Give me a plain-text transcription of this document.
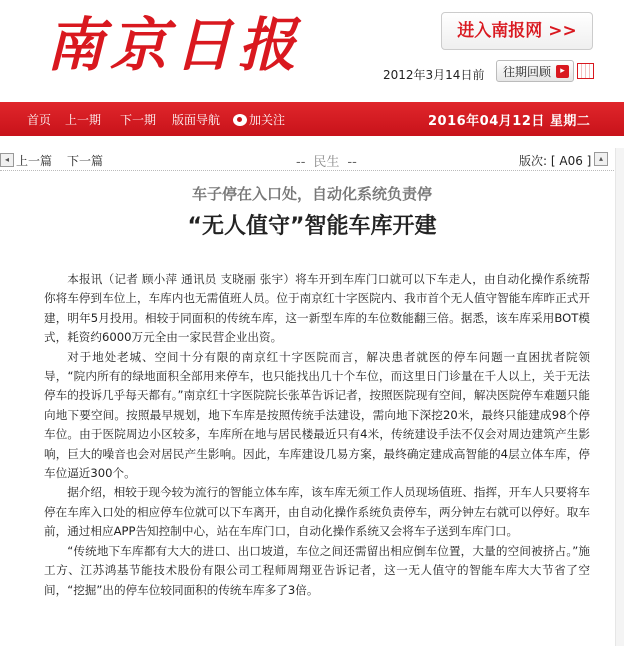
南京日报	进入南报网 >>
2012年3月14日前	往期回顾	▸
首页 上一期 下一期 版面导航	加关注	2016年04月12日 星期二
◂ 上一篇 下一篇	-- 民生 --	版次: [ A06 ] ▴
车子停在入口处，自动化系统负责停
“无人值守”智能车库开建

本报讯（记者 顾小萍 通讯员 支晓丽 张宇）将车开到车库门口就可以下车走人，由自动化操作系统帮你将车停到车位上，车库内也无需值班人员。位于南京红十字医院内、我市首个无人值守智能车库昨正式开建，明年5月投用。相较于同面积的传统车库，这一新型车库的车位数能翻三倍。据悉，该车库采用BOT模式，耗资约6000万元全由一家民营企业出资。

对于地处老城、空间十分有限的南京红十字医院而言，解决患者就医的停车问题一直困扰者院领导，“院内所有的绿地面积全部用来停车，也只能找出几十个车位，而这里日门诊量在千人以上，关于无法停车的投诉几乎每天都有。”南京红十字医院院长张革告诉记者，按照医院现有空间，解决医院停车难题只能向地下要空间。按照最早规划，地下车库是按照传统手法建设，需向地下深挖20米，最终只能建成98个停车位。由于医院周边小区较多，车库所在地与居民楼最近只有4米，传统建设手法不仅会对周边建筑产生影响，巨大的噪音也会对居民产生影响。因此，车库建设几易方案，最终确定建成高智能的4层立体车库，停车位逼近300个。

据介绍，相较于现今较为流行的智能立体车库，该车库无须工作人员现场值班、指挥，开车人只要将车停在车库入口处的相应停车位就可以下车离开，由自动化操作系统负责停车，两分钟左右就可以停好。取车前，通过相应APP告知控制中心，站在车库门口，自动化操作系统又会将车子送到车库门口。

“传统地下车库都有大大的进口、出口坡道，车位之间还需留出相应倒车位置，大量的空间被挤占。”施工方、江苏鸿基节能技术股份有限公司工程师周翔亚告诉记者，这一无人值守的智能车库大大节省了空间，“挖掘”出的停车位较同面积的传统车库多了3倍。
